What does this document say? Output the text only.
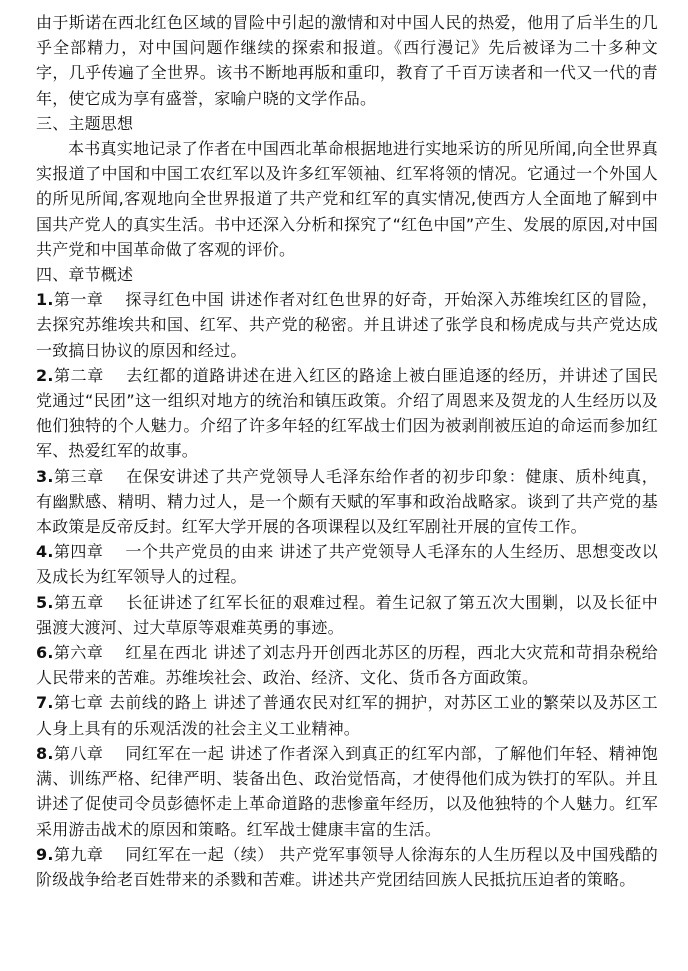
由于斯诺在西北红色区域的冒险中引起的激情和对中国人民的热爱，他用了后半生的几乎全部精力，对中国问题作继续的探索和报道。《西行漫记》先后被译为二十多种文字，几乎传遍了全世界。该书不断地再版和重印，教育了千百万读者和一代又一代的青年，使它成为享有盛誉，家喻户晓的文学作品。

三、主题思想

本书真实地记录了作者在中国西北革命根据地进行实地采访的所见所闻,向全世界真实报道了中国和中国工农红军以及许多红军领袖、红军将领的情况。它通过一个外国人的所见所闻,客观地向全世界报道了共产党和红军的真实情况,使西方人全面地了解到中国共产党人的真实生活。书中还深入分析和探究了“红色中国”产生、发展的原因,对中国共产党和中国革命做了客观的评价。

四、章节概述

1.第一章　 探寻红色中国 讲述作者对红色世界的好奇，开始深入苏维埃红区的冒险，去探究苏维埃共和国、红军、共产党的秘密。并且讲述了张学良和杨虎成与共产党达成一致搞日协议的原因和经过。

2.第二章　 去红都的道路讲述在进入红区的路途上被白匪追逐的经历，并讲述了国民党通过“民团”这一组织对地方的统治和镇压政策。介绍了周恩来及贺龙的人生经历以及他们独特的个人魅力。介绍了许多年轻的红军战士们因为被剥削被压迫的命运而参加红军、热爱红军的故事。

3.第三章　 在保安讲述了共产党领导人毛泽东给作者的初步印象：健康、质朴纯真，有幽默感、精明、精力过人，是一个颇有天赋的军事和政治战略家。谈到了共产党的基本政策是反帝反封。红军大学开展的各项课程以及红军剧社开展的宣传工作。

4.第四章　 一个共产党员的由来 讲述了共产党领导人毛泽东的人生经历、思想变改以及成长为红军领导人的过程。

5.第五章　 长征讲述了红军长征的艰难过程。着生记叙了第五次大围剿，以及长征中强渡大渡河、过大草原等艰难英勇的事迹。

6.第六章　 红星在西北 讲述了刘志丹开创西北苏区的历程，西北大灾荒和苛捐杂税给人民带来的苦难。苏维埃社会、政治、经济、文化、货币各方面政策。

7.第七章 去前线的路上 讲述了普通农民对红军的拥护，对苏区工业的繁荣以及苏区工人身上具有的乐观活泼的社会主义工业精神。

8.第八章　 同红军在一起 讲述了作者深入到真正的红军内部，了解他们年轻、精神饱满、训练严格、纪律严明、装备出色、政治觉悟高，才使得他们成为铁打的军队。并且讲述了促使司令员彭德怀走上革命道路的悲惨童年经历，以及他独特的个人魅力。红军采用游击战术的原因和策略。红军战士健康丰富的生活。

9.第九章　 同红军在一起（续） 共产党军事领导人徐海东的人生历程以及中国残酷的阶级战争给老百姓带来的杀戮和苦难。讲述共产党团结回族人民抵抗压迫者的策略。
